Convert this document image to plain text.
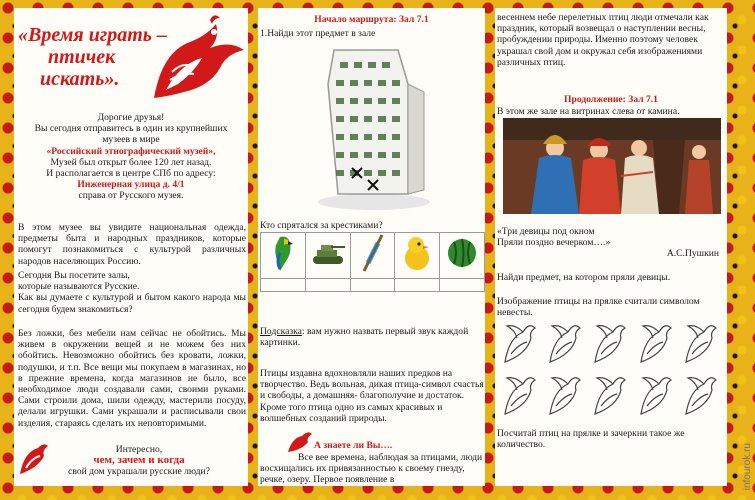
«Время играть –
птичек
искать».
Дорогие друзья!
Вы сегодня отправитесь в один из крупнейших
музеев в мире
«Российский этнографический музей»,
Музей был открыт более 120 лет назад.
И располагается в центре СПб по адресу:
Инженерная улица д. 4/1
справа от Русского музея.
В этом музее вы увидите национальная одежда, предметы быта и народных праздников, которые помогут познакомиться с культурой различных народов населяющих Россию.
Сегодня Вы посетите залы,
которые называются Русские.
Как вы думаете с культурой и бытом какого народа мы сегодня будем знакомиться?
Без ложки, без мебели нам сейчас не обойтись. Мы живем в окружении вещей и не можем без них обойтись. Невозможно обойтись без кровати, ложки, подушки, и т.п. Все вещи мы покупаем в магазинах, но в прежние времена, когда магазинов не было, все необходимое люди создавали сами, своими руками. Сами строили дома, шили одежду, мастерили посуду, делали игрушки. Сами украшали и расписывали свои изделия, стараясь сделать их неповторимыми.
Интересно,
чем, зачем и когда
свой дом украшали русские люди?
Начало маршрута: Зал 7.1
1.Найди этот предмет в зале
Кто спрятался за крестиками?

Подсказка: вам нужно назвать первый звук каждой картинки.
Птицы издавна вдохновляли наших предков на творчество. Ведь вольная, дикая птица-символ счастья и свободы, а домашняя- благополучие и достаток. Кроме того птица одно из самых красивых и волшебных созданий природы.
А знаете ли Вы….
Все вее времена, наблюдая за птицами, люди восхищались их привязанностью к своему гнезду, речке, озеру. Первое появление в
весеннем небе перелетных птиц люди отмечали как праздник, который возвещал о наступлении весны, пробуждении природы. Именно поэтому человек украшал свой дом и окружал себя изображениями различных птиц.
Продолжение: Зал 7.1
В этом же зале на витринах слева от камина.
«Три девицы под окном
Пряли поздно вечерком….»
А.С.Пушкин
Найди предмет, на котором пряли девицы.
Изображение птицы на прялке считали символом невесты.
Посчитай птиц на прялке и зачеркни такое же количество.	infourok.ru
